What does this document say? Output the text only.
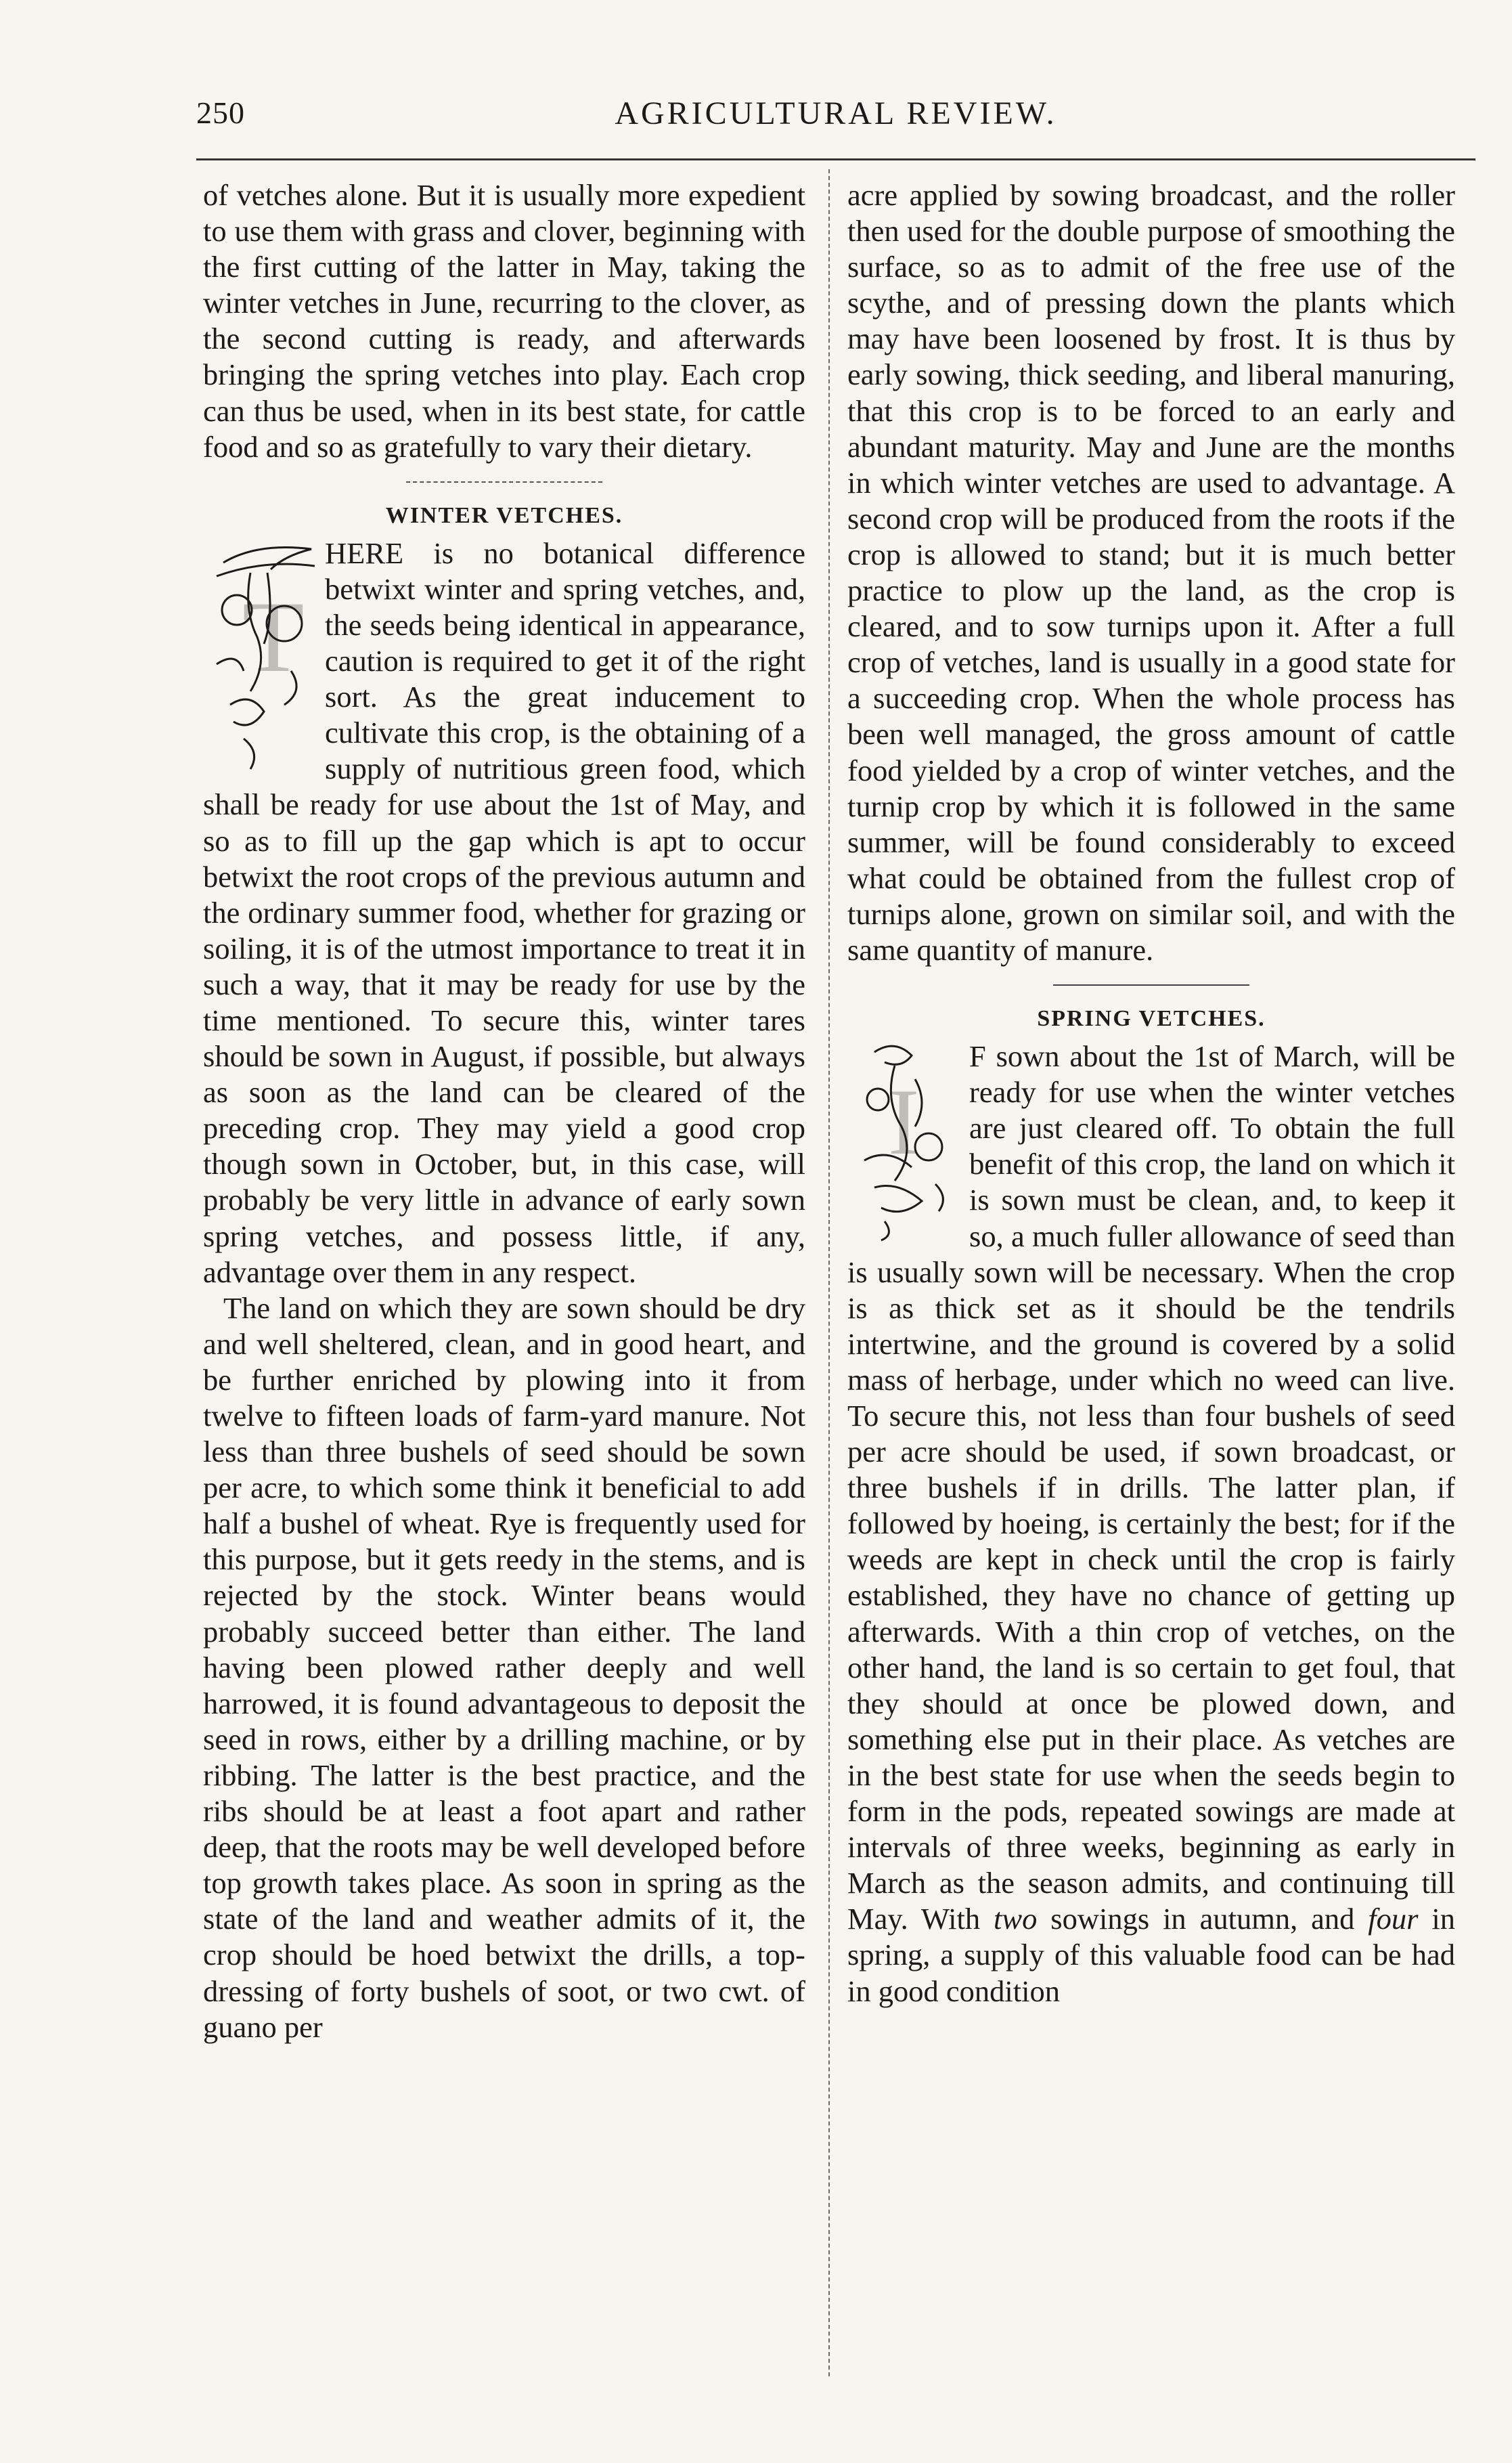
250	AGRICULTURAL REVIEW.

of vetches alone. But it is usually more expedient to use them with grass and clover, beginning with the first cutting of the latter in May, taking the winter vetches in June, recurring to the clover, as the second cutting is ready, and afterwards bringing the spring vetches into play. Each crop can thus be used, when in its best state, for cattle food and so as gratefully to vary their dietary.

WINTER VETCHES.
T

HERE is no botanical difference betwixt winter and spring vetches, and, the seeds being identical in appearance, caution is required to get it of the right sort. As the great inducement to cultivate this crop, is the obtaining of a supply of nutritious green food, which shall be ready for use about the 1st of May, and so as to fill up the gap which is apt to occur betwixt the root crops of the previous autumn and the ordinary summer food, whether for grazing or soiling, it is of the utmost importance to treat it in such a way, that it may be ready for use by the time mentioned. To secure this, winter tares should be sown in August, if possible, but always as soon as the land can be cleared of the preceding crop. They may yield a good crop though sown in October, but, in this case, will probably be very little in advance of early sown spring vetches, and possess little, if any, advantage over them in any respect.

The land on which they are sown should be dry and well sheltered, clean, and in good heart, and be further enriched by plowing into it from twelve to fifteen loads of farm-yard manure. Not less than three bushels of seed should be sown per acre, to which some think it beneficial to add half a bushel of wheat. Rye is frequently used for this purpose, but it gets reedy in the stems, and is rejected by the stock. Winter beans would probably succeed better than either. The land having been plowed rather deeply and well harrowed, it is found advantageous to deposit the seed in rows, either by a drilling machine, or by ribbing. The latter is the best practice, and the ribs should be at least a foot apart and rather deep, that the roots may be well developed before top growth takes place. As soon in spring as the state of the land and weather admits of it, the crop should be hoed betwixt the drills, a top-dressing of forty bushels of soot, or two cwt. of guano per

acre applied by sowing broadcast, and the roller then used for the double purpose of smoothing the surface, so as to admit of the free use of the scythe, and of pressing down the plants which may have been loosened by frost. It is thus by early sowing, thick seeding, and liberal manuring, that this crop is to be forced to an early and abundant maturity. May and June are the months in which winter vetches are used to advantage. A second crop will be produced from the roots if the crop is allowed to stand; but it is much better practice to plow up the land, as the crop is cleared, and to sow turnips upon it. After a full crop of vetches, land is usually in a good state for a succeeding crop. When the whole process has been well managed, the gross amount of cattle food yielded by a crop of winter vetches, and the turnip crop by which it is followed in the same summer, will be found considerably to exceed what could be obtained from the fullest crop of turnips alone, grown on similar soil, and with the same quantity of manure.

SPRING VETCHES.
I

F sown about the 1st of March, will be ready for use when the winter vetches are just cleared off. To obtain the full benefit of this crop, the land on which it is sown must be clean, and, to keep it so, a much fuller allowance of seed than is usually sown will be necessary. When the crop is as thick set as it should be the tendrils intertwine, and the ground is covered by a solid mass of herbage, under which no weed can live. To secure this, not less than four bushels of seed per acre should be used, if sown broadcast, or three bushels if in drills. The latter plan, if followed by hoeing, is certainly the best; for if the weeds are kept in check until the crop is fairly established, they have no chance of getting up afterwards. With a thin crop of vetches, on the other hand, the land is so certain to get foul, that they should at once be plowed down, and something else put in their place. As vetches are in the best state for use when the seeds begin to form in the pods, repeated sowings are made at intervals of three weeks, beginning as early in March as the season admits, and continuing till May. With two sowings in autumn, and four in spring, a supply of this valuable food can be had in good condition
